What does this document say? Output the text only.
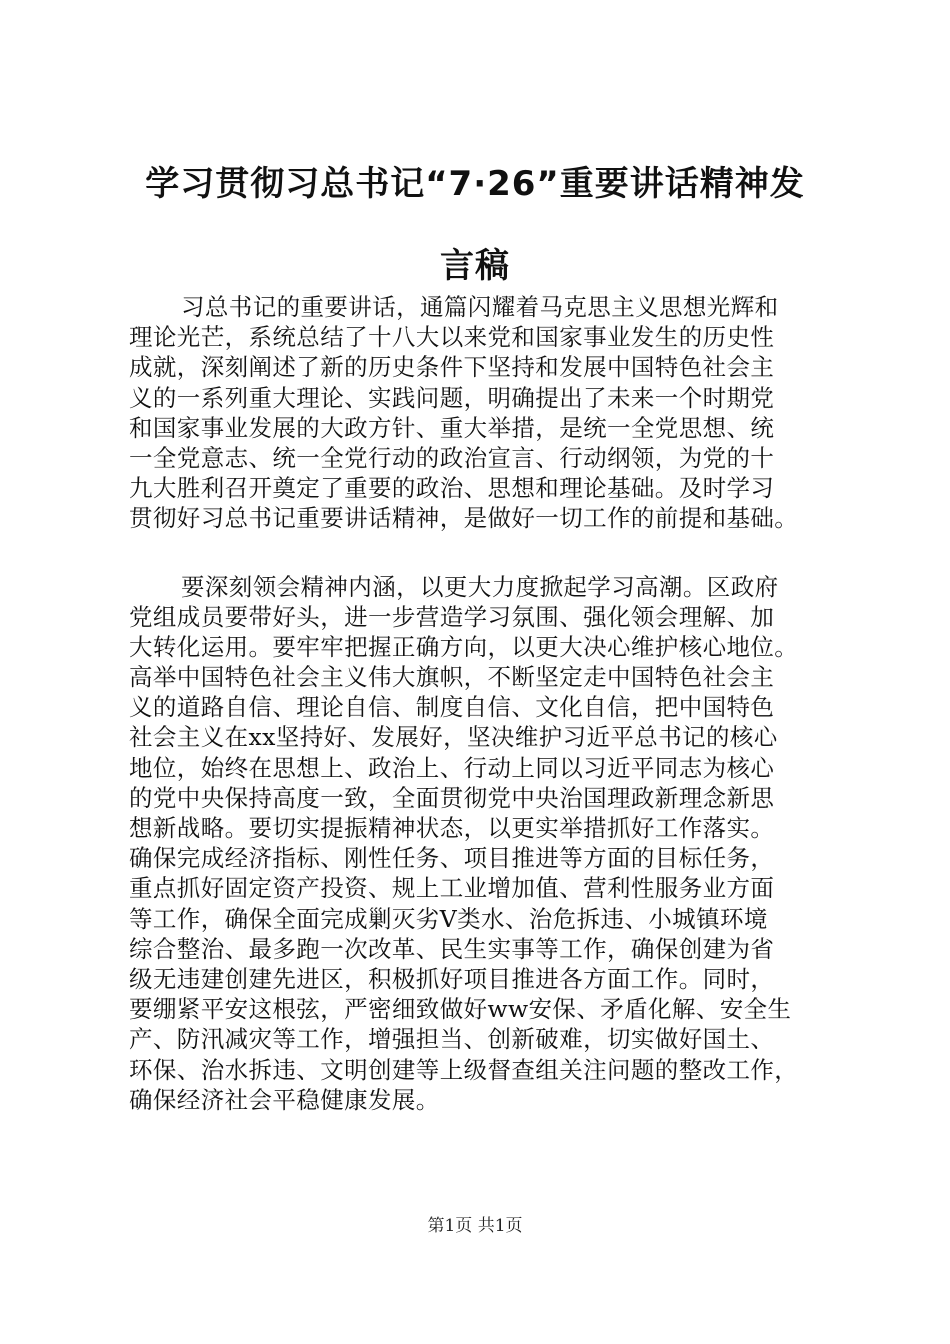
学习贯彻习总书记“7·26”重要讲话精神发
言稿
习总书记的重要讲话，通篇闪耀着马克思主义思想光辉和
理论光芒，系统总结了十八大以来党和国家事业发生的历史性
成就，深刻阐述了新的历史条件下坚持和发展中国特色社会主
义的一系列重大理论、实践问题，明确提出了未来一个时期党
和国家事业发展的大政方针、重大举措，是统一全党思想、统
一全党意志、统一全党行动的政治宣言、行动纲领，为党的十
九大胜利召开奠定了重要的政治、思想和理论基础。及时学习
贯彻好习总书记重要讲话精神，是做好一切工作的前提和基础。
要深刻领会精神内涵，以更大力度掀起学习高潮。区政府
党组成员要带好头，进一步营造学习氛围、强化领会理解、加
大转化运用。要牢牢把握正确方向，以更大决心维护核心地位。
高举中国特色社会主义伟大旗帜，不断坚定走中国特色社会主
义的道路自信、理论自信、制度自信、文化自信，把中国特色
社会主义在xx坚持好、发展好，坚决维护习近平总书记的核心
地位，始终在思想上、政治上、行动上同以习近平同志为核心
的党中央保持高度一致，全面贯彻党中央治国理政新理念新思
想新战略。要切实提振精神状态，以更实举措抓好工作落实。
确保完成经济指标、刚性任务、项目推进等方面的目标任务，
重点抓好固定资产投资、规上工业增加值、营利性服务业方面
等工作，确保全面完成剿灭劣Ⅴ类水、治危拆违、小城镇环境
综合整治、最多跑一次改革、民生实事等工作，确保创建为省
级无违建创建先进区，积极抓好项目推进各方面工作。同时，
要绷紧平安这根弦，严密细致做好ww安保、矛盾化解、安全生
产、防汛减灾等工作，增强担当、创新破难，切实做好国土、
环保、治水拆违、文明创建等上级督查组关注问题的整改工作，
确保经济社会平稳健康发展。
第1页 共1页
